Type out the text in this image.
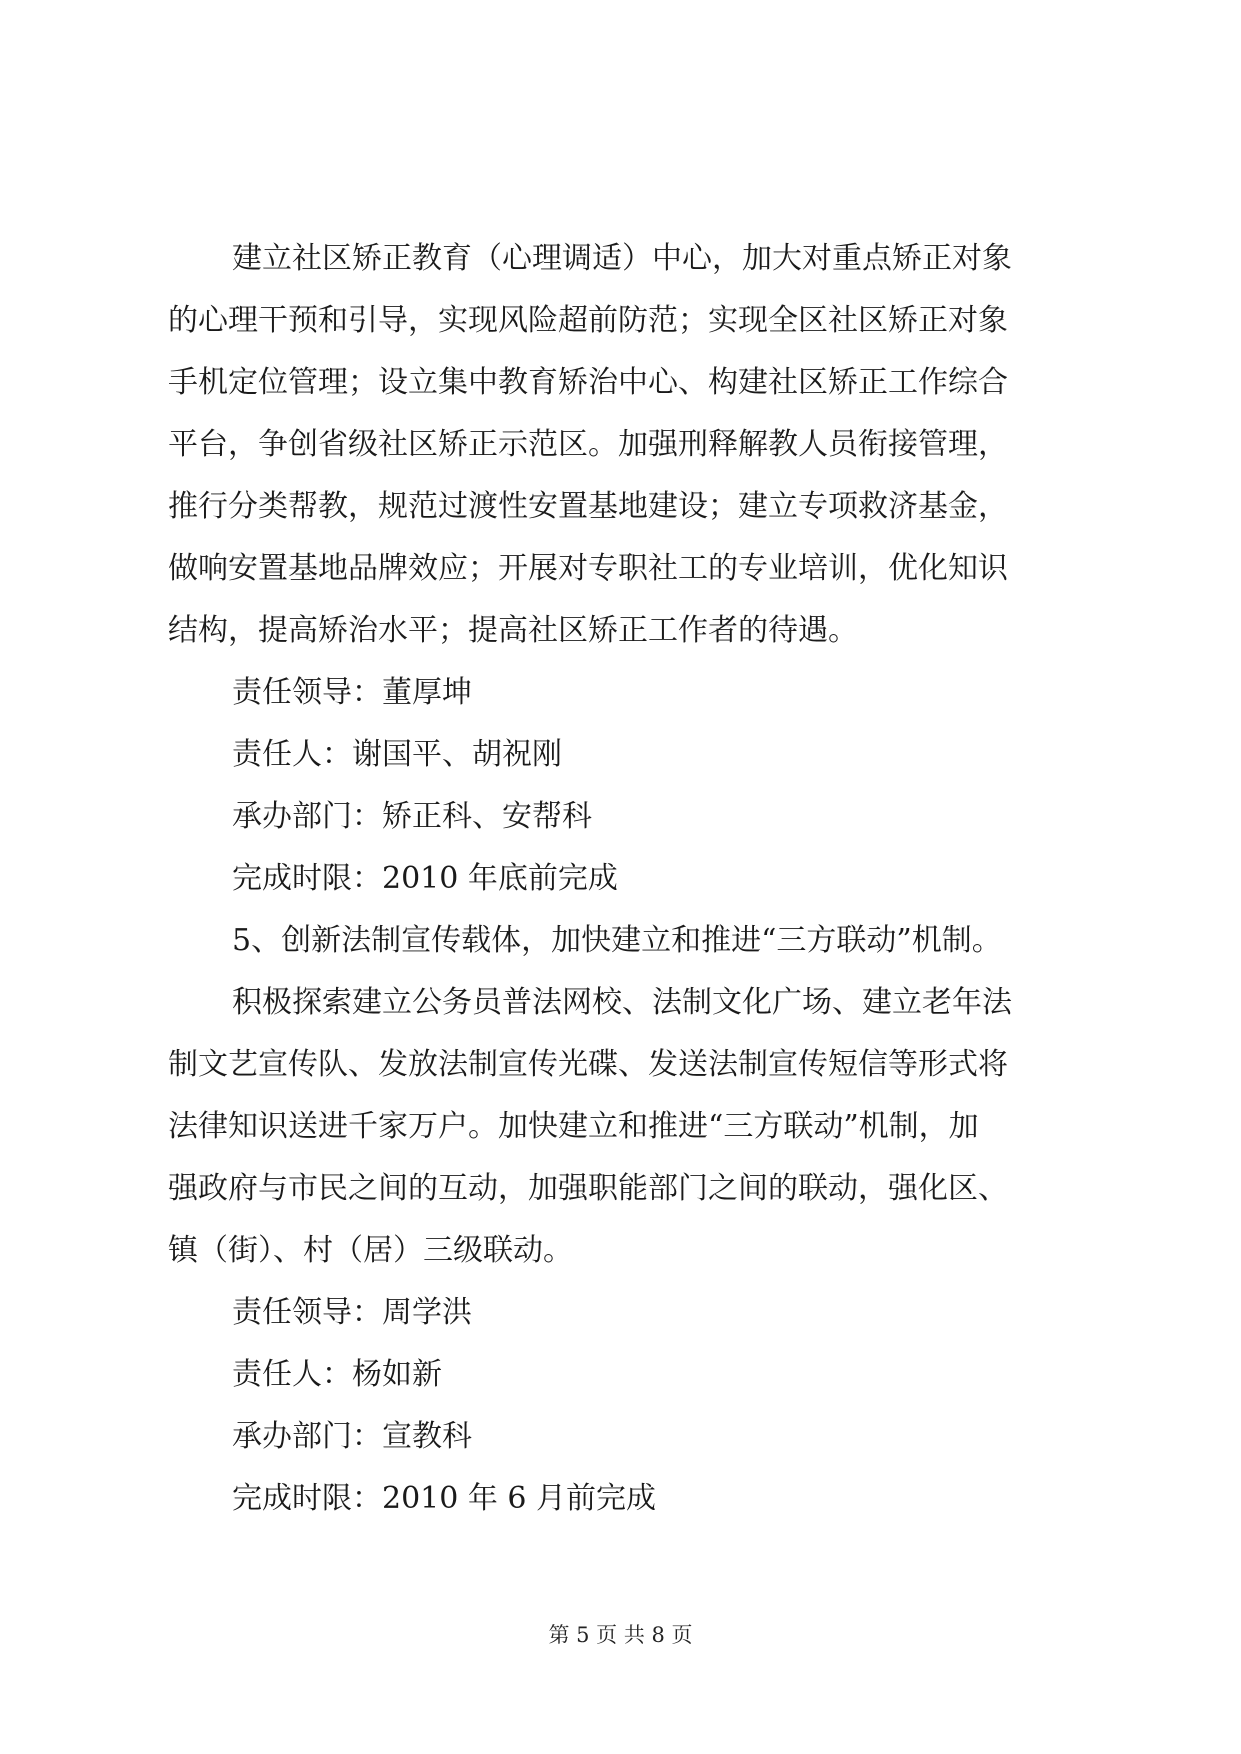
建立社区矫正教育（心理调适）中心，加大对重点矫正对象
的心理干预和引导，实现风险超前防范；实现全区社区矫正对象
手机定位管理；设立集中教育矫治中心、构建社区矫正工作综合
平台，争创省级社区矫正示范区。加强刑释解教人员衔接管理，
推行分类帮教，规范过渡性安置基地建设；建立专项救济基金，
做响安置基地品牌效应；开展对专职社工的专业培训，优化知识
结构，提高矫治水平；提高社区矫正工作者的待遇。
责任领导：董厚坤
责任人：谢国平、胡祝刚
承办部门：矫正科、安帮科
完成时限：2010 年底前完成
5、创新法制宣传载体，加快建立和推进“三方联动”机制。
积极探索建立公务员普法网校、法制文化广场、建立老年法
制文艺宣传队、发放法制宣传光碟、发送法制宣传短信等形式将
法律知识送进千家万户。加快建立和推进“三方联动”机制，加
强政府与市民之间的互动，加强职能部门之间的联动，强化区、
镇（街）、村（居）三级联动。
责任领导：周学洪
责任人：杨如新
承办部门：宣教科
完成时限：2010 年 6 月前完成
第 5 页 共 8 页
